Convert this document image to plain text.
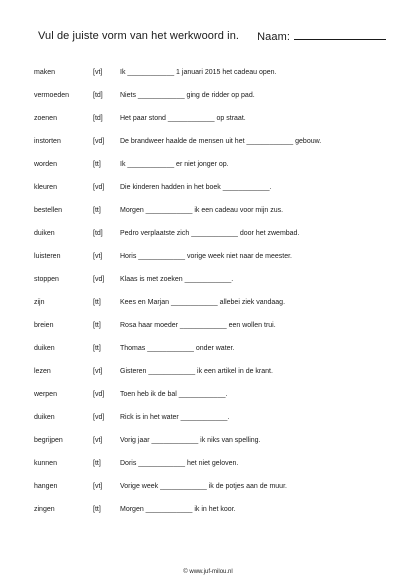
Vul de juiste vorm van het werkwoord in. Naam:
maken	[vt]	Ik ____________ 1 januari 2015 het cadeau open.
vermoeden	[td] Niets ____________ ging de ridder op pad.
zoenen	[td] Het paar stond ____________ op straat.
instorten	[vd] De brandweer haalde de mensen uit het ____________ gebouw.
worden	[tt]	Ik ____________ er niet jonger op.
kleuren	[vd] Die kinderen hadden in het boek ____________.
bestellen	[tt]	Morgen ____________ ik een cadeau voor mijn zus.
duiken	[td] Pedro verplaatste zich ____________ door het zwembad.
luisteren	[vt]	Horis ____________ vorige week niet naar de meester.
stoppen	[vd] Klaas is met zoeken ____________.
zijn	[tt]	Kees en Marjan ____________ allebei ziek vandaag.
breien	[tt]	Rosa haar moeder ____________ een wollen trui.
duiken	[tt]	Thomas ____________ onder water.
lezen	[vt]	Gisteren ____________ ik een artikel in de krant.
werpen	[vd] Toen heb ik de bal ____________.
duiken	[vd] Rick is in het water ____________.
begrijpen	[vt]	Vorig jaar ____________ ik niks van spelling.
kunnen	[tt]	Doris ____________ het niet geloven.
hangen	[vt]	Vorige week ____________ ik de potjes aan de muur.
zingen	[tt]	Morgen ____________ ik in het koor.
© www.juf-milou.nl
